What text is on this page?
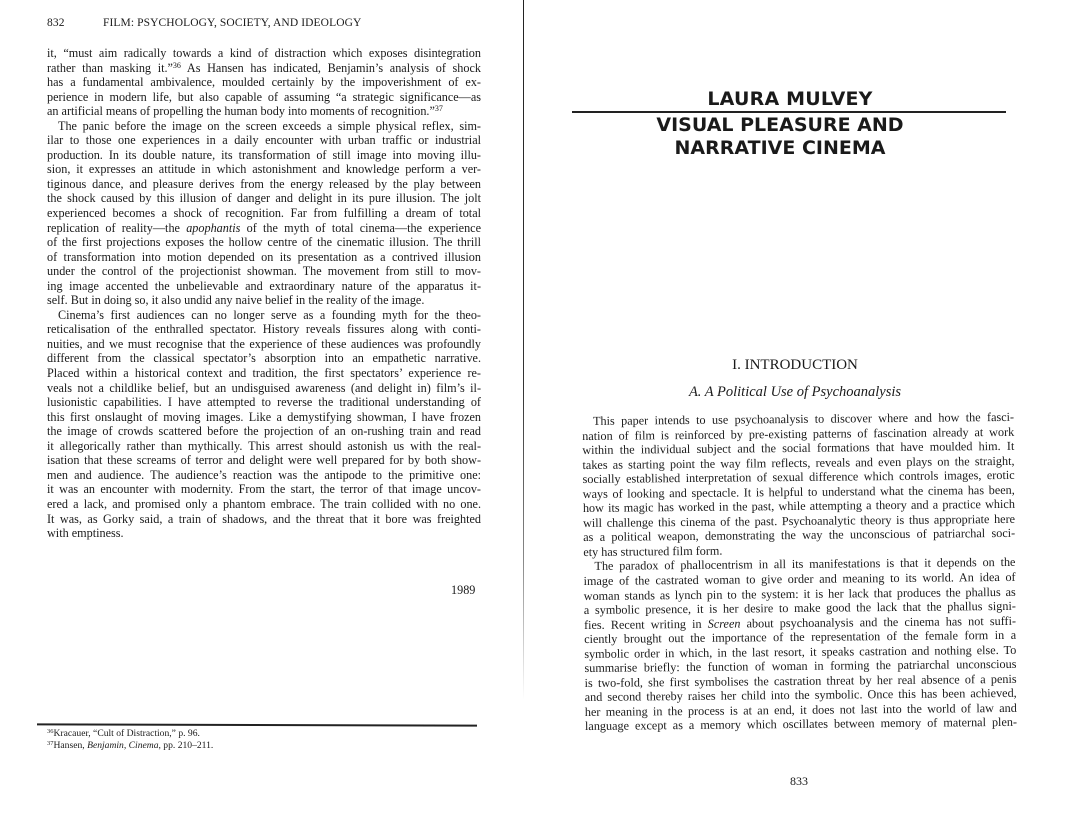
832	FILM: PSYCHOLOGY, SOCIETY, AND IDEOLOGY
it, “must aim radically towards a kind of distraction which exposes disintegration
rather than masking it.”$^{36}$ As Hansen has indicated, Benjamin’s analysis of shock
has a fundamental ambivalence, moulded certainly by the impoverishment of ex-
perience in modern life, but also capable of assuming “a strategic significance—as
an artificial means of propelling the human body into moments of recognition.”$^{37}$
The panic before the image on the screen exceeds a simple physical reflex, sim-
ilar to those one experiences in a daily encounter with urban traffic or industrial
production. In its double nature, its transformation of still image into moving illu-
sion, it expresses an attitude in which astonishment and knowledge perform a ver-
tiginous dance, and pleasure derives from the energy released by the play between
the shock caused by this illusion of danger and delight in its pure illusion. The jolt
experienced becomes a shock of recognition. Far from fulfilling a dream of total
replication of reality—the apophantis of the myth of total cinema—the experience
of the first projections exposes the hollow centre of the cinematic illusion. The thrill
of transformation into motion depended on its presentation as a contrived illusion
under the control of the projectionist showman. The movement from still to mov-
ing image accented the unbelievable and extraordinary nature of the apparatus it-
self. But in doing so, it also undid any naive belief in the reality of the image.
Cinema’s first audiences can no longer serve as a founding myth for the theo-
reticalisation of the enthralled spectator. History reveals fissures along with conti-
nuities, and we must recognise that the experience of these audiences was profoundly
different from the classical spectator’s absorption into an empathetic narrative.
Placed within a historical context and tradition, the first spectators’ experience re-
veals not a childlike belief, but an undisguised awareness (and delight in) film’s il-
lusionistic capabilities. I have attempted to reverse the traditional understanding of
this first onslaught of moving images. Like a demystifying showman, I have frozen
the image of crowds scattered before the projection of an on-rushing train and read
it allegorically rather than mythically. This arrest should astonish us with the real-
isation that these screams of terror and delight were well prepared for by both show-
men and audience. The audience’s reaction was the antipode to the primitive one:
it was an encounter with modernity. From the start, the terror of that image uncov-
ered a lack, and promised only a phantom embrace. The train collided with no one.
It was, as Gorky said, a train of shadows, and the threat that it bore was freighted
with emptiness.
1989
$^{36}$Kracauer, “Cult of Distraction,” p. 96.
$^{37}$Hansen, Benjamin, Cinema, pp. 210–211.
LAURA MULVEY
VISUAL PLEASURE AND
NARRATIVE CINEMA
I. INTRODUCTION
A. A Political Use of Psychoanalysis
This paper intends to use psychoanalysis to discover where and how the fasci-
nation of film is reinforced by pre-existing patterns of fascination already at work
within the individual subject and the social formations that have moulded him. It
takes as starting point the way film reflects, reveals and even plays on the straight,
socially established interpretation of sexual difference which controls images, erotic
ways of looking and spectacle. It is helpful to understand what the cinema has been,
how its magic has worked in the past, while attempting a theory and a practice which
will challenge this cinema of the past. Psychoanalytic theory is thus appropriate here
as a political weapon, demonstrating the way the unconscious of patriarchal soci-
ety has structured film form.
The paradox of phallocentrism in all its manifestations is that it depends on the
image of the castrated woman to give order and meaning to its world. An idea of
woman stands as lynch pin to the system: it is her lack that produces the phallus as
a symbolic presence, it is her desire to make good the lack that the phallus signi-
fies. Recent writing in Screen about psychoanalysis and the cinema has not suffi-
ciently brought out the importance of the representation of the female form in a
symbolic order in which, in the last resort, it speaks castration and nothing else. To
summarise briefly: the function of woman in forming the patriarchal unconscious
is two-fold, she first symbolises the castration threat by her real absence of a penis
and second thereby raises her child into the symbolic. Once this has been achieved,
her meaning in the process is at an end, it does not last into the world of law and
language except as a memory which oscillates between memory of maternal plen-
833
